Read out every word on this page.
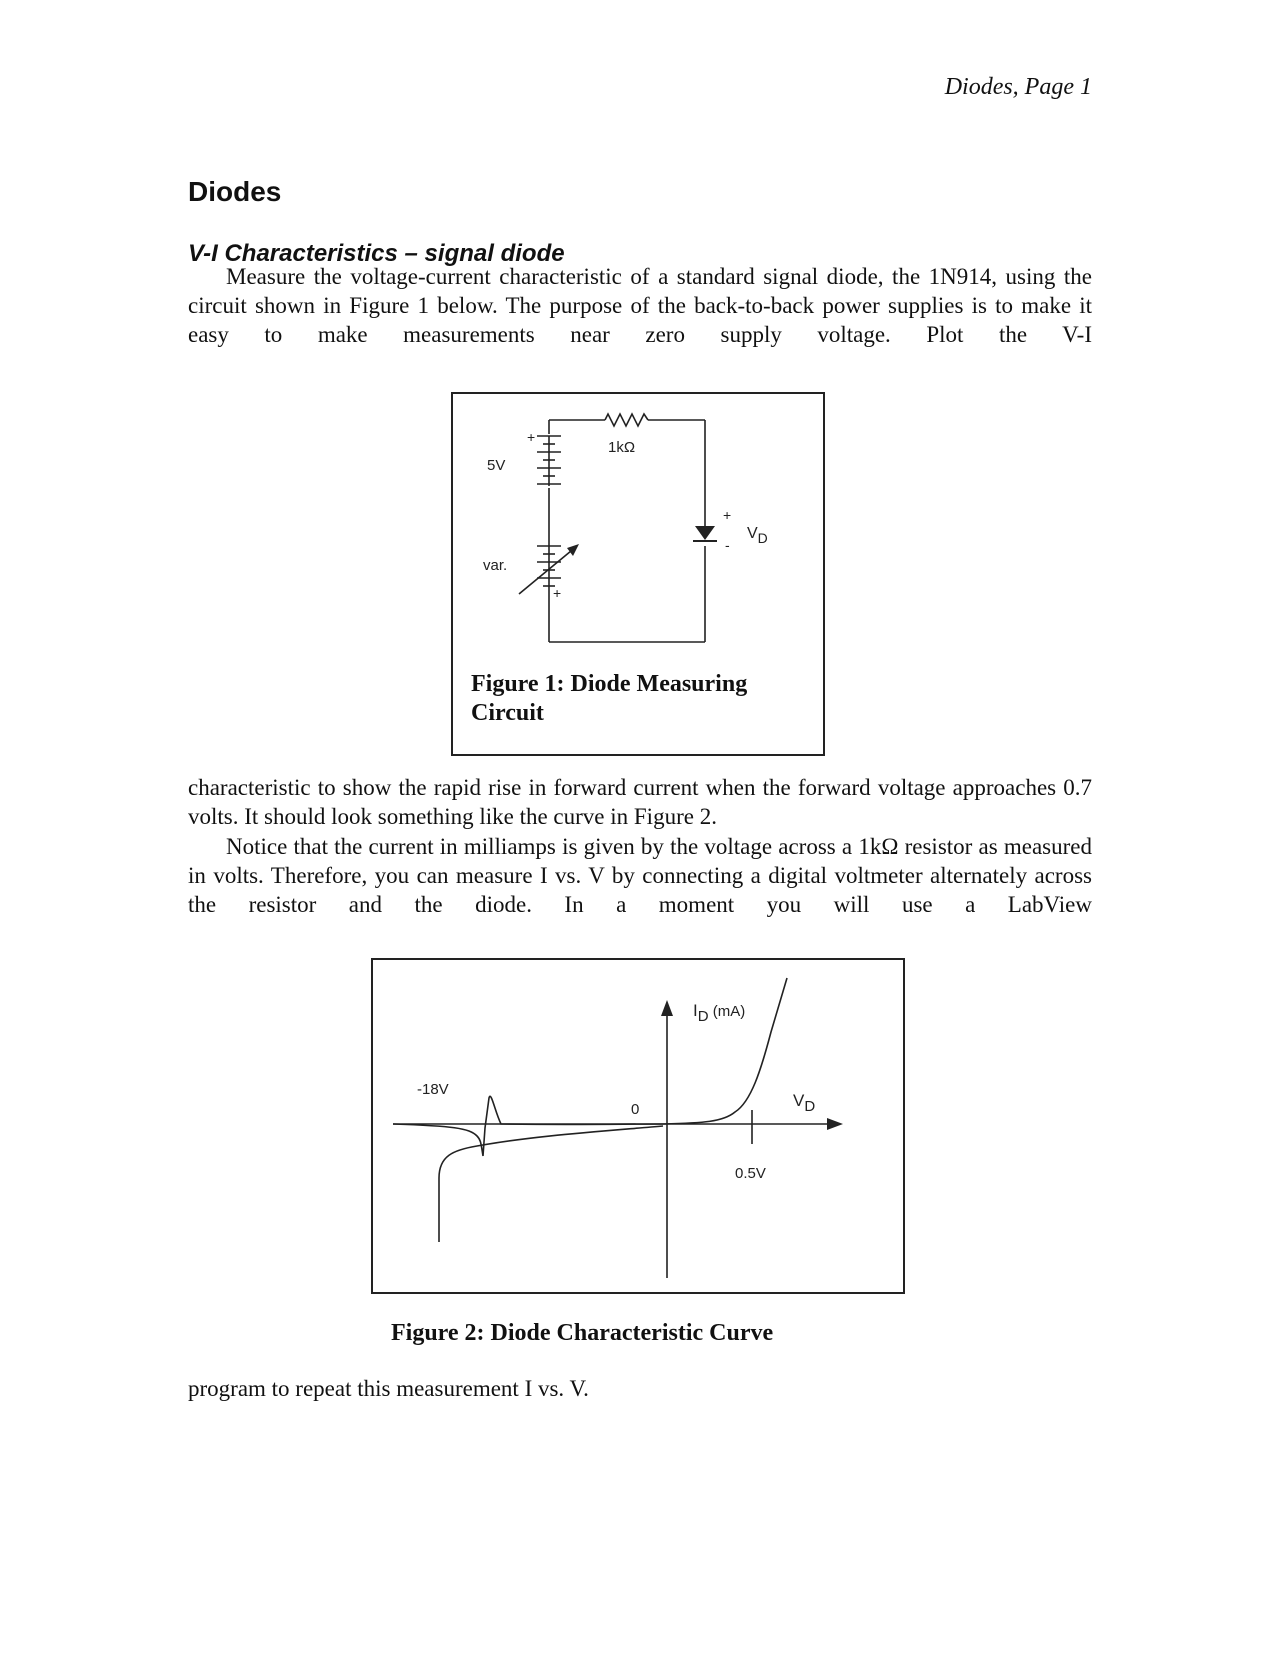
Diodes, Page 1
Diodes
V-I Characteristics – signal diode
Measure the voltage-current characteristic of a standard signal diode, the 1N914, using the circuit shown in Figure 1 below. The purpose of the back-to-back power supplies is to make it easy to make measurements near zero supply voltage. Plot the V-I
1kΩ
5V
var.
+
+
+
-
VD
Figure 1: Diode Measuring Circuit
characteristic to show the rapid rise in forward current when the forward voltage approaches 0.7 volts. It should look something like the curve in Figure 2.
Notice that the current in milliamps is given by the voltage across a 1kΩ resistor as measured in volts. Therefore, you can measure I vs. V by connecting a digital voltmeter alternately across the resistor and the diode. In a moment you will use a LabView
ID (mA)
VD
0
-18V
0.5V
Figure 2: Diode Characteristic Curve
program to repeat this measurement I vs. V.
